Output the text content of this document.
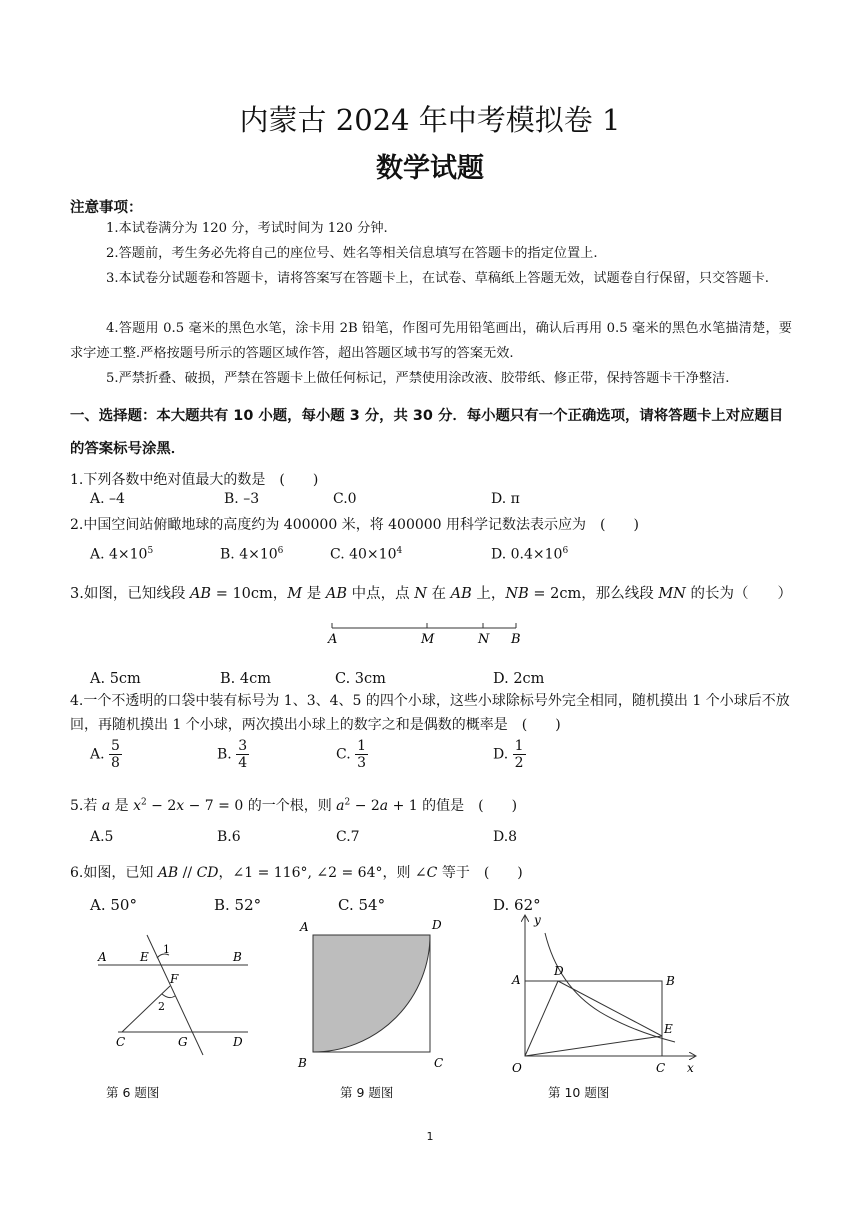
内蒙古 2024 年中考模拟卷 1
数学试题
注意事项：
1.本试卷满分为 120 分，考试时间为 120 分钟.
2.答题前，考生务必先将自己的座位号、姓名等相关信息填写在答题卡的指定位置上.
3.本试卷分试题卷和答题卡，请将答案写在答题卡上，在试卷、草稿纸上答题无效，试题卷自行保留，只交答题卡.
4.答题用 0.5 毫米的黑色水笔，涂卡用 2B 铅笔，作图可先用铅笔画出，确认后再用 0.5 毫米的黑色水笔描清楚，要求字迹工整.严格按题号所示的答题区域作答，超出答题区域书写的答案无效.
5.严禁折叠、破损，严禁在答题卡上做任何标记，严禁使用涂改液、胶带纸、修正带，保持答题卡干净整洁.
一、选择题：本大题共有 10 小题，每小题 3 分，共 30 分．每小题只有一个正确选项，请将答题卡上对应题目的答案标号涂黑．
1.下列各数中绝对值最大的数是　(　　)
A. –4	B. –3	C.0	D. π
2.中国空间站俯瞰地球的高度约为 400000 米，将 400000 用科学记数法表示应为　(　　)
A. $4\times 10^5$	B. $4\times 10^6$	C. $40\times 10^4$	D. $0.4\times 10^6$
3.如图，已知线段 AB = 10cm，M 是 AB 中点，点 N 在 AB 上，NB = 2cm，那么线段 MN 的长为（　　）
A	M	N B
A. 5cm	B. 4cm	C. 3cm	D. 2cm
4.一个不透明的口袋中装有标号为 1、3、4、5 的四个小球，这些小球除标号外完全相同，随机摸出 1 个小球后不放回，再随机摸出 1 个小球，两次摸出小球上的数字之和是偶数的概率是　(　　)
A. $\frac{5}{8}$	B. $\frac{3}{4}$	C. $\frac{1}{3}$	D. $\frac{1}{2}$
5.若 a 是 $x^2 - 2x - 7 = 0$ 的一个根，则 $a^2 - 2a + 1$ 的值是　(　　)
A.5	B.6	C.7	D.8
6.如图，已知 AB // CD，∠1 = 116°, ∠2 = 64°，则 ∠C 等于　(　　)
A. 50°	B. 52°	C. 54°	D. 62°
A	E	B
F
C	G	D
1
2
第 6 题图
A	D
B	C
第 9 题图
y
A
D
B
E
O	C x
第 10 题图
1
